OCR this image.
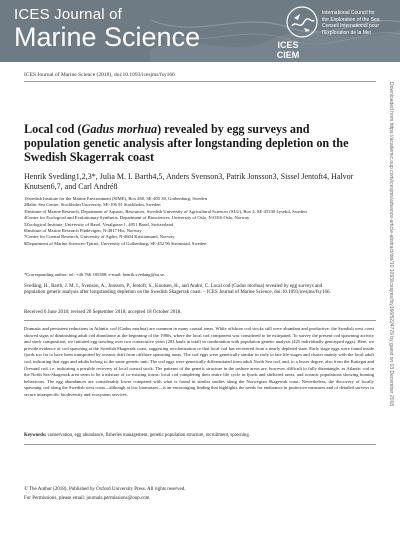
ICES Journal of
Marine Science	ICES
CIEM
International Council for
the Exploration of the Sea
Conseil International pour
l'Exploration de la Mer
ICES Journal of Marine Science (2018), doi:10.1093/icesjms/fsy166
Downloaded from https://academic.oup.com/icesjms/advance-article-abstract/doi/10.1093/icesjms/fsy166/5224779 by guest on 03 December 2018
Local cod (Gadus morhua) revealed by egg surveys and population genetic analysis after longstanding depletion on the Swedish Skagerrak coast
Henrik Svedäng1,2,3*, Julia M. I. Barth4,5, Anders Svenson3, Patrik Jonsson3, Sissel Jentoft4, Halvor Knutsen6,7, and Carl André8
1Swedish Institute for the Marine Environment (SIME), Box 260, SE-405 30, Gothenburg, Sweden
2Baltic Sea Centre, Stockholm University, SE-106 91 Stockholm, Sweden
3Institute of Marine Research, Department of Aquatic, Resources, Swedish University of Agricultural Sciences (SLU), Box 4, SE-45330 Lysekil, Sweden
4Centre for Ecological and Evolutionary Synthesis, Department of Biosciences, University of Oslo, N-0316 Oslo, Norway
5Zoological Institute, University of Basel, Vesalgasse 1, 4051 Basel, Switzerland
6Institute of Marine Research Flødevigen, N-4817 His, Norway
7Centre for Coastal Research, University of Agder, N-4604 Kristiansand, Norway
8Department of Marine Sciences-Tjärnö, University of Gothenburg, SE-452 96 Strömstad, Sweden
*Corresponding author: tel: +46 766 185588; e-mail: henrik.svedang@su.se.
Svedäng, H., Barth, J. M. I., Svenson, A., Jonsson, P., Jentoft, S., Knutsen, H., and André, C. Local cod (Gadus morhua) revealed by egg surveys and population genetic analysis after longstanding depletion on the Swedish Skagerrak coast. – ICES Journal of Marine Science, doi:10.1093/icesjms/fsy166.
Received 6 June 2018; revised 20 September 2018; accepted 18 October 2018.
Dramatic and persistent reductions in Atlantic cod (Gadus morhua) are common in many coastal areas. While offshore cod stocks still were abundant and productive, the Swedish west coast showed signs of diminishing adult cod abundance at the beginning of the 1980s, where the local cod component was considered to be extirpated. To survey the present cod spawning activity and stock composition, we initiated egg trawling over two consecutive years (203 hauls in total) in combination with population genetic analysis (425 individually genotyped eggs). Here, we provide evidence of cod spawning at the Swedish Skagerrak coast, suggesting recolonization or that local cod has recovered from a nearly depleted state. Early stage eggs were found inside fjords too far to have been transported by oceanic drift from offshore spawning areas. The cod eggs were genetically similar in early to late life-stages and cluster mainly with the local adult cod, indicating that eggs and adults belong to the same genetic unit. The cod eggs were genetically differentiated from adult North Sea cod, and, to a lesser degree, also from the Kattegat and Öresund cod, i.e. indicating a possible recovery of local coastal stock. The patterns of the genetic structure in the inshore areas are, however, difficult to fully disentangle, as Atlantic cod in the North Sea-Skagerrak area seem to be a mixture of co-existing forms: local cod completing their entire life cycle in fjords and sheltered areas, and oceanic populations showing homing behaviours. The egg abundances are considerably lower compared with what is found in similar studies along the Norwegian Skagerrak coast. Nevertheless, the discovery of locally spawning cod along the Swedish west coast—although at low biomasses—is an encouraging finding that highlights the needs for endurance in protective measures and of detailed surveys to secure intraspecific biodiversity and ecosystem services.
Keywords: conservation, egg abundance, fisheries management, genetic population structure, recruitment, spawning.
© The Author (2018). Published by Oxford University Press. All rights reserved.
For Permissions, please email: journals.permissions@oup.com
